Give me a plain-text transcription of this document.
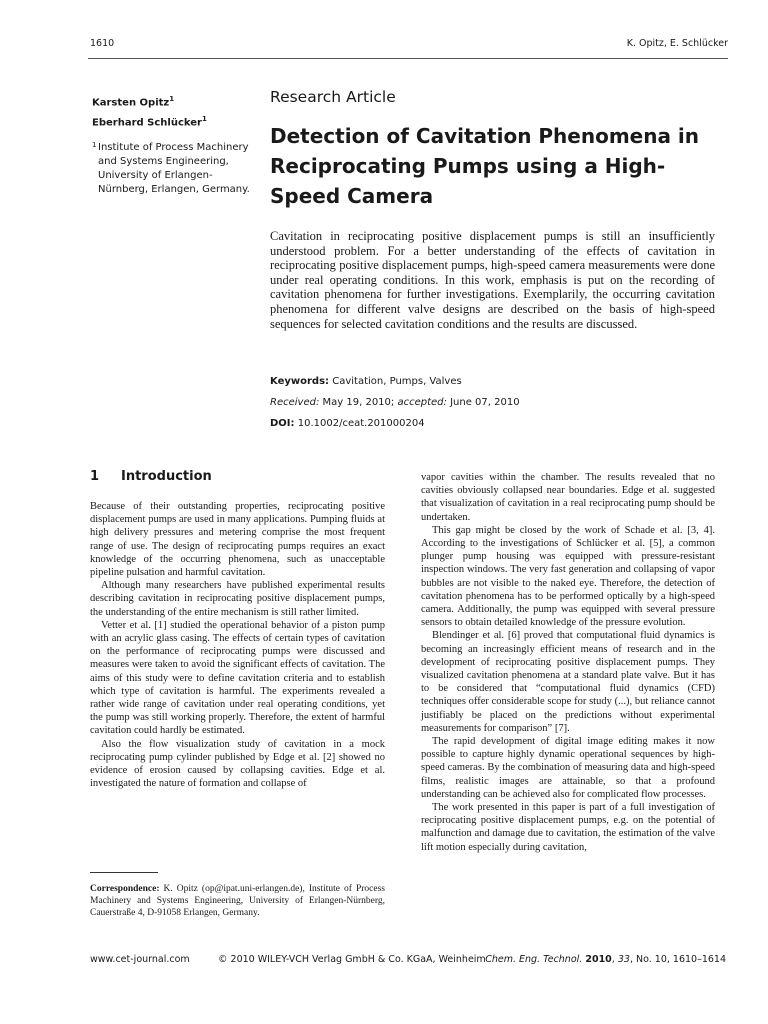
1610	K. Opitz, E. Schlücker
Karsten Opitz$^1$
Eberhard Schlücker$^1$
1 Institute of Process Machinery and Systems Engineering, University of Erlangen-Nürnberg, Erlangen, Germany.
Research Article
Detection of Cavitation Phenomena in Reciprocating Pumps using a High-Speed Camera

Cavitation in reciprocating positive displacement pumps is still an insufficiently understood problem. For a better understanding of the effects of cavitation in reciprocating positive displacement pumps, high-speed camera measurements were done under real operating conditions. In this work, emphasis is put on the recording of cavitation phenomena for further investigations. Exemplarily, the occurring cavitation phenomena for different valve designs are described on the basis of high-speed sequences for selected cavitation conditions and the results are discussed.

Keywords: Cavitation, Pumps, Valves
Received: May 19, 2010; accepted: June 07, 2010
DOI: 10.1002/ceat.201000204
1 Introduction

Because of their outstanding properties, reciprocating positive displacement pumps are used in many applications. Pumping fluids at high delivery pressures and metering comprise the most frequent range of use. The design of reciprocating pumps requires an exact knowledge of the occurring phenomena, such as unacceptable pipeline pulsation and harmful cavitation.

Although many researchers have published experimental results describing cavitation in reciprocating positive displacement pumps, the understanding of the entire mechanism is still rather limited.

Vetter et al. [1] studied the operational behavior of a piston pump with an acrylic glass casing. The effects of certain types of cavitation on the performance of reciprocating pumps were discussed and measures were taken to avoid the significant effects of cavitation. The aims of this study were to define cavitation criteria and to establish which type of cavitation is harmful. The experiments revealed a rather wide range of cavitation under real operating conditions, yet the pump was still working properly. Therefore, the extent of harmful cavitation could hardly be estimated.

Also the flow visualization study of cavitation in a mock reciprocating pump cylinder published by Edge et al. [2] showed no evidence of erosion caused by collapsing cavities. Edge et al. investigated the nature of formation and collapse of

vapor cavities within the chamber. The results revealed that no cavities obviously collapsed near boundaries. Edge et al. suggested that visualization of cavitation in a real reciprocating pump should be undertaken.

This gap might be closed by the work of Schade et al. [3, 4]. According to the investigations of Schlücker et al. [5], a common plunger pump housing was equipped with pressure-resistant inspection windows. The very fast generation and collapsing of vapor bubbles are not visible to the naked eye. Therefore, the detection of cavitation phenomena has to be performed optically by a high-speed camera. Additionally, the pump was equipped with several pressure sensors to obtain detailed knowledge of the pressure evolution.

Blendinger et al. [6] proved that computational fluid dynamics is becoming an increasingly efficient means of research and in the development of reciprocating positive displacement pumps. They visualized cavitation phenomena at a standard plate valve. But it has to be considered that “computational fluid dynamics (CFD) techniques offer considerable scope for study (...), but reliance cannot justifiably be placed on the predictions without experimental measurements for comparison” [7].

The rapid development of digital image editing makes it now possible to capture highly dynamic operational sequences by high-speed cameras. By the combination of measuring data and high-speed films, realistic images are attainable, so that a profound understanding can be achieved also for complicated flow processes.

The work presented in this paper is part of a full investigation of reciprocating positive displacement pumps, e.g. on the potential of malfunction and damage due to cavitation, the estimation of the valve lift motion especially during cavitation,

Correspondence: K. Opitz (op@ipat.uni-erlangen.de), Institute of Process Machinery and Systems Engineering, University of Erlangen-Nürnberg, Cauerstraße 4, D-91058 Erlangen, Germany.

www.cet-journal.com	© 2010 WILEY-VCH Verlag GmbH & Co. KGaA, Weinheim Chem. Eng. Technol. 2010, 33, No. 10, 1610–1614
